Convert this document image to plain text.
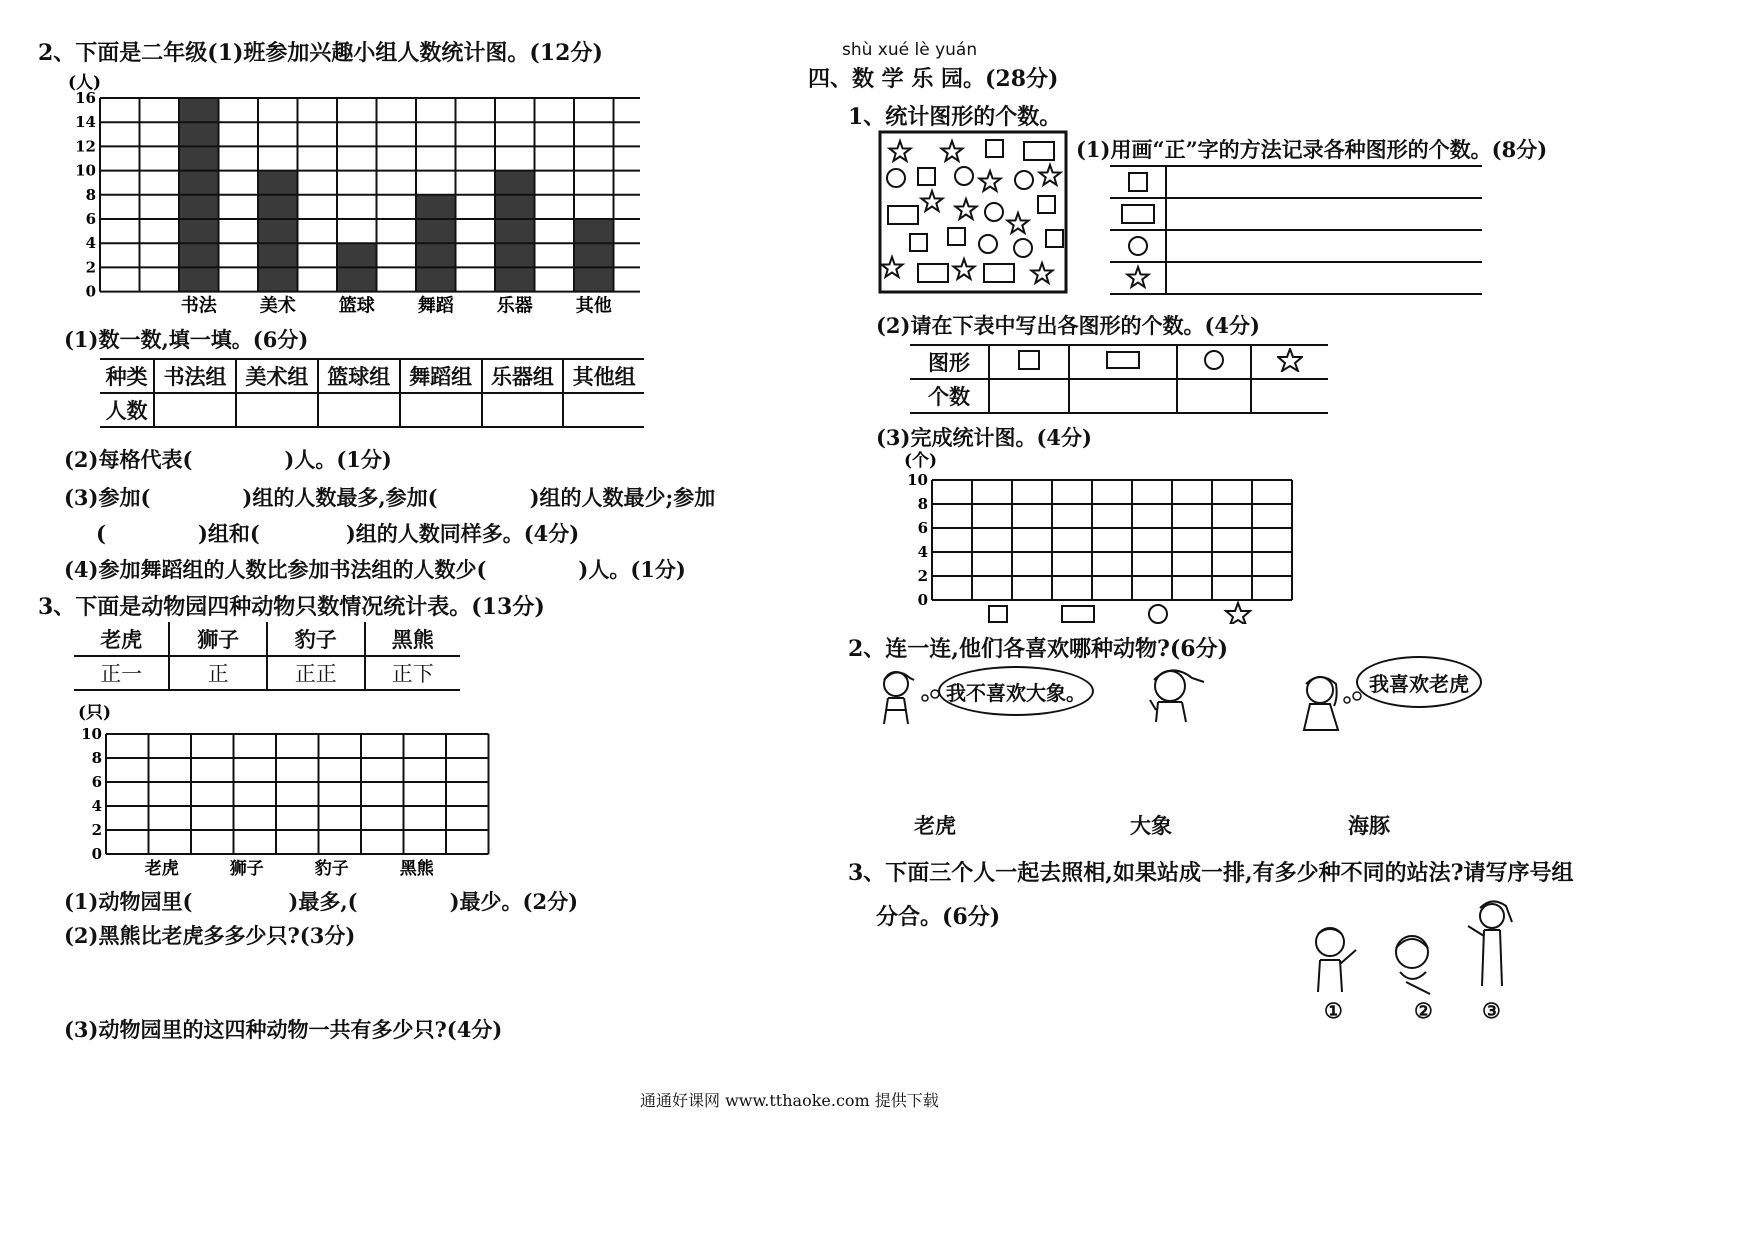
2、下面是二年级(1)班参加兴趣小组人数统计图。(12分)
(人)
0
2
4
6
8
10
12
14
16
书法 美术 篮球 舞蹈 乐器 其他
(1)数一数,填一填。(6分)
种类	书法组	美术组	篮球组	舞蹈组	乐器组	其他组
人数						
(2)每格代表(	)人。(1分)
(3)参加(	)组的人数最多,参加(	)组的人数最少;参加
(	)组和(	)组的人数同样多。(4分)
(4)参加舞蹈组的人数比参加书法组的人数少(	)人。(1分)
3、下面是动物园四种动物只数情况统计表。(13分)
老虎	狮子	豹子	黑熊
正一	正	正正	正下
(只)
0
2
4
6
8
10
老虎	狮子	豹子	黑熊
(1)动物园里(	)最多,(	)最少。(2分)
(2)黑熊比老虎多多少只?(3分)
(3)动物园里的这四种动物一共有多少只?(4分)
shù xué lè yuán
四、数 学 乐 园。(28分)
1、统计图形的个数。
(1)用画“正”字的方法记录各种图形的个数。(8分)
(2)请在下表中写出各图形的个数。(4分)
图形				
个数				
(3)完成统计图。(4分)
(个)
0
2
4
6
8
10
2、连一连,他们各喜欢哪种动物?(6分)
我不喜欢大象。	我喜欢老虎
老虎	大象	海豚
3、下面三个人一起去照相,如果站成一排,有多少种不同的站法?请写序号组
分合。(6分)
①	② ③
通通好课网 www.tthaoke.com 提供下载
